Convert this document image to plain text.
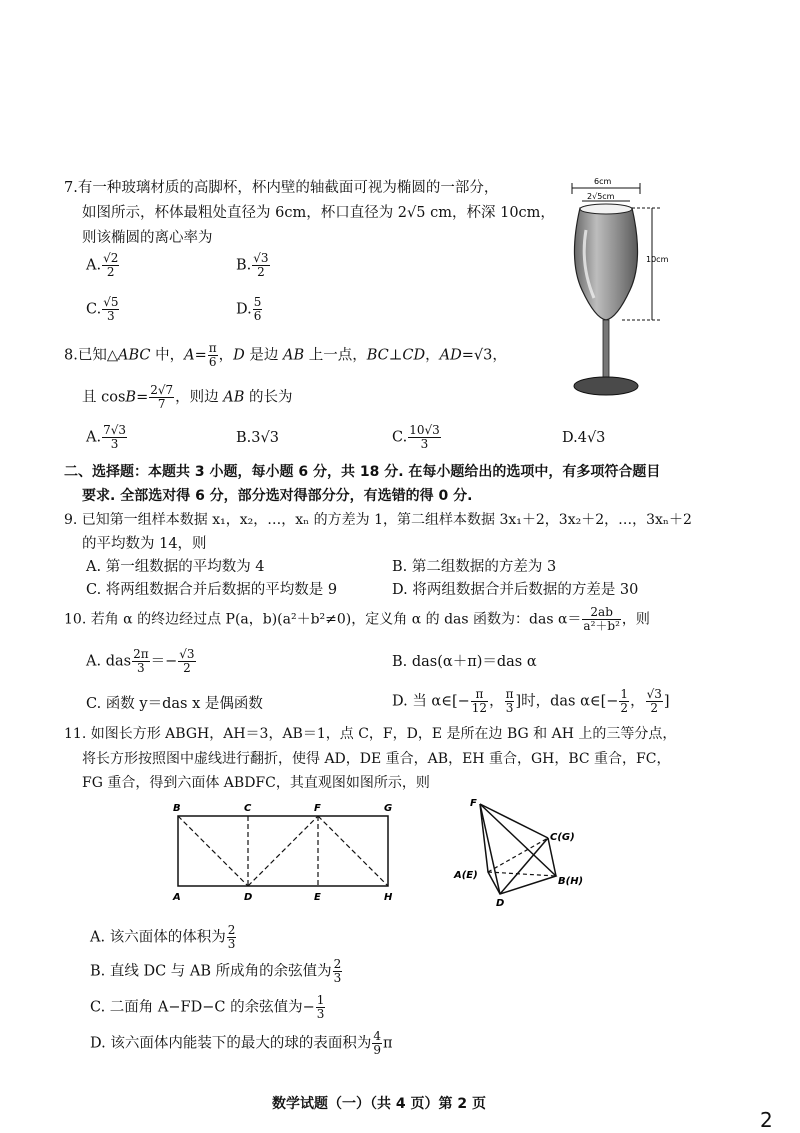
7.有一种玻璃材质的高脚杯，杯内壁的轴截面可视为椭圆的一部分，
如图所示，杯体最粗处直径为 6cm，杯口直径为 2√5 cm，杯深 10cm，
则该椭圆的离心率为
A. $\frac{√2}{2}$	B. $\frac{√3}{2}$
C. $\frac{√5}{3}$	D. $\frac{5}{6}$
6cm
2√5cm
10cm
8.已知△ABC 中，$A= \frac{\pi}{6}$ ，D 是边 AB 上一点，BC⊥CD，AD=√3，
且 $\cos B= \frac{2√7}{7}$ ，则边 AB 的长为
A. $\frac{7√3}{3}$	B.3√3	C. $\frac{10√3}{3}$	D.4√3
二、选择题：本题共 3 小题，每小题 6 分，共 18 分. 在每小题给出的选项中，有多项符合题目
要求. 全部选对得 6 分，部分选对得部分分，有选错的得 0 分.
9. 已知第一组样本数据 x₁，x₂，…，xₙ 的方差为 1，第二组样本数据 3x₁＋2，3x₂＋2，…，3xₙ＋2
的平均数为 14，则
A. 第一组数据的平均数为 4	B. 第二组数据的方差为 3
C. 将两组数据合并后数据的平均数是 9	D. 将两组数据合并后数据的方差是 30
10. 若角 α 的终边经过点 P(a，b)(a²＋b²≠0)，定义角 α 的 das 函数为：das $\alpha= \frac{2ab}{\text{a²＋b²}}$ ，则
A. das $\frac{2\pi}{3} =- \frac{√3}{2}$	B. das(α＋π)＝das α
C. 函数 y＝das x 是偶函数	D. 当 α∈[− $\frac{\pi}{12}$ ， $\frac{\pi}{3}$ ]时，das α∈[− $\frac{1}{2}$ ， $\frac{√3}{2}$ ]
11. 如图长方形 ABGH，AH＝3，AB＝1，点 C，F，D，E 是所在边 BG 和 AH 上的三等分点，
将长方形按照图中虚线进行翻折，使得 AD，DE 重合，AB，EH 重合，GH，BC 重合，FC，
FG 重合，得到六面体 ABDFC，其直观图如图所示，则
B	C	F	G
A	D	E	H
F
C(G)
A(E)
B(H)
D
A. 该六面体的体积为 $\frac{2}{3}$
B. 直线 DC 与 AB 所成角的余弦值为 $\frac{2}{3}$
C. 二面角 A−FD−C 的余弦值为− $\frac{1}{3}$
D. 该六面体内能装下的最大的球的表面积为 $\frac{4}{9}$ π
数学试题（一）（共 4 页）第 2 页
2
